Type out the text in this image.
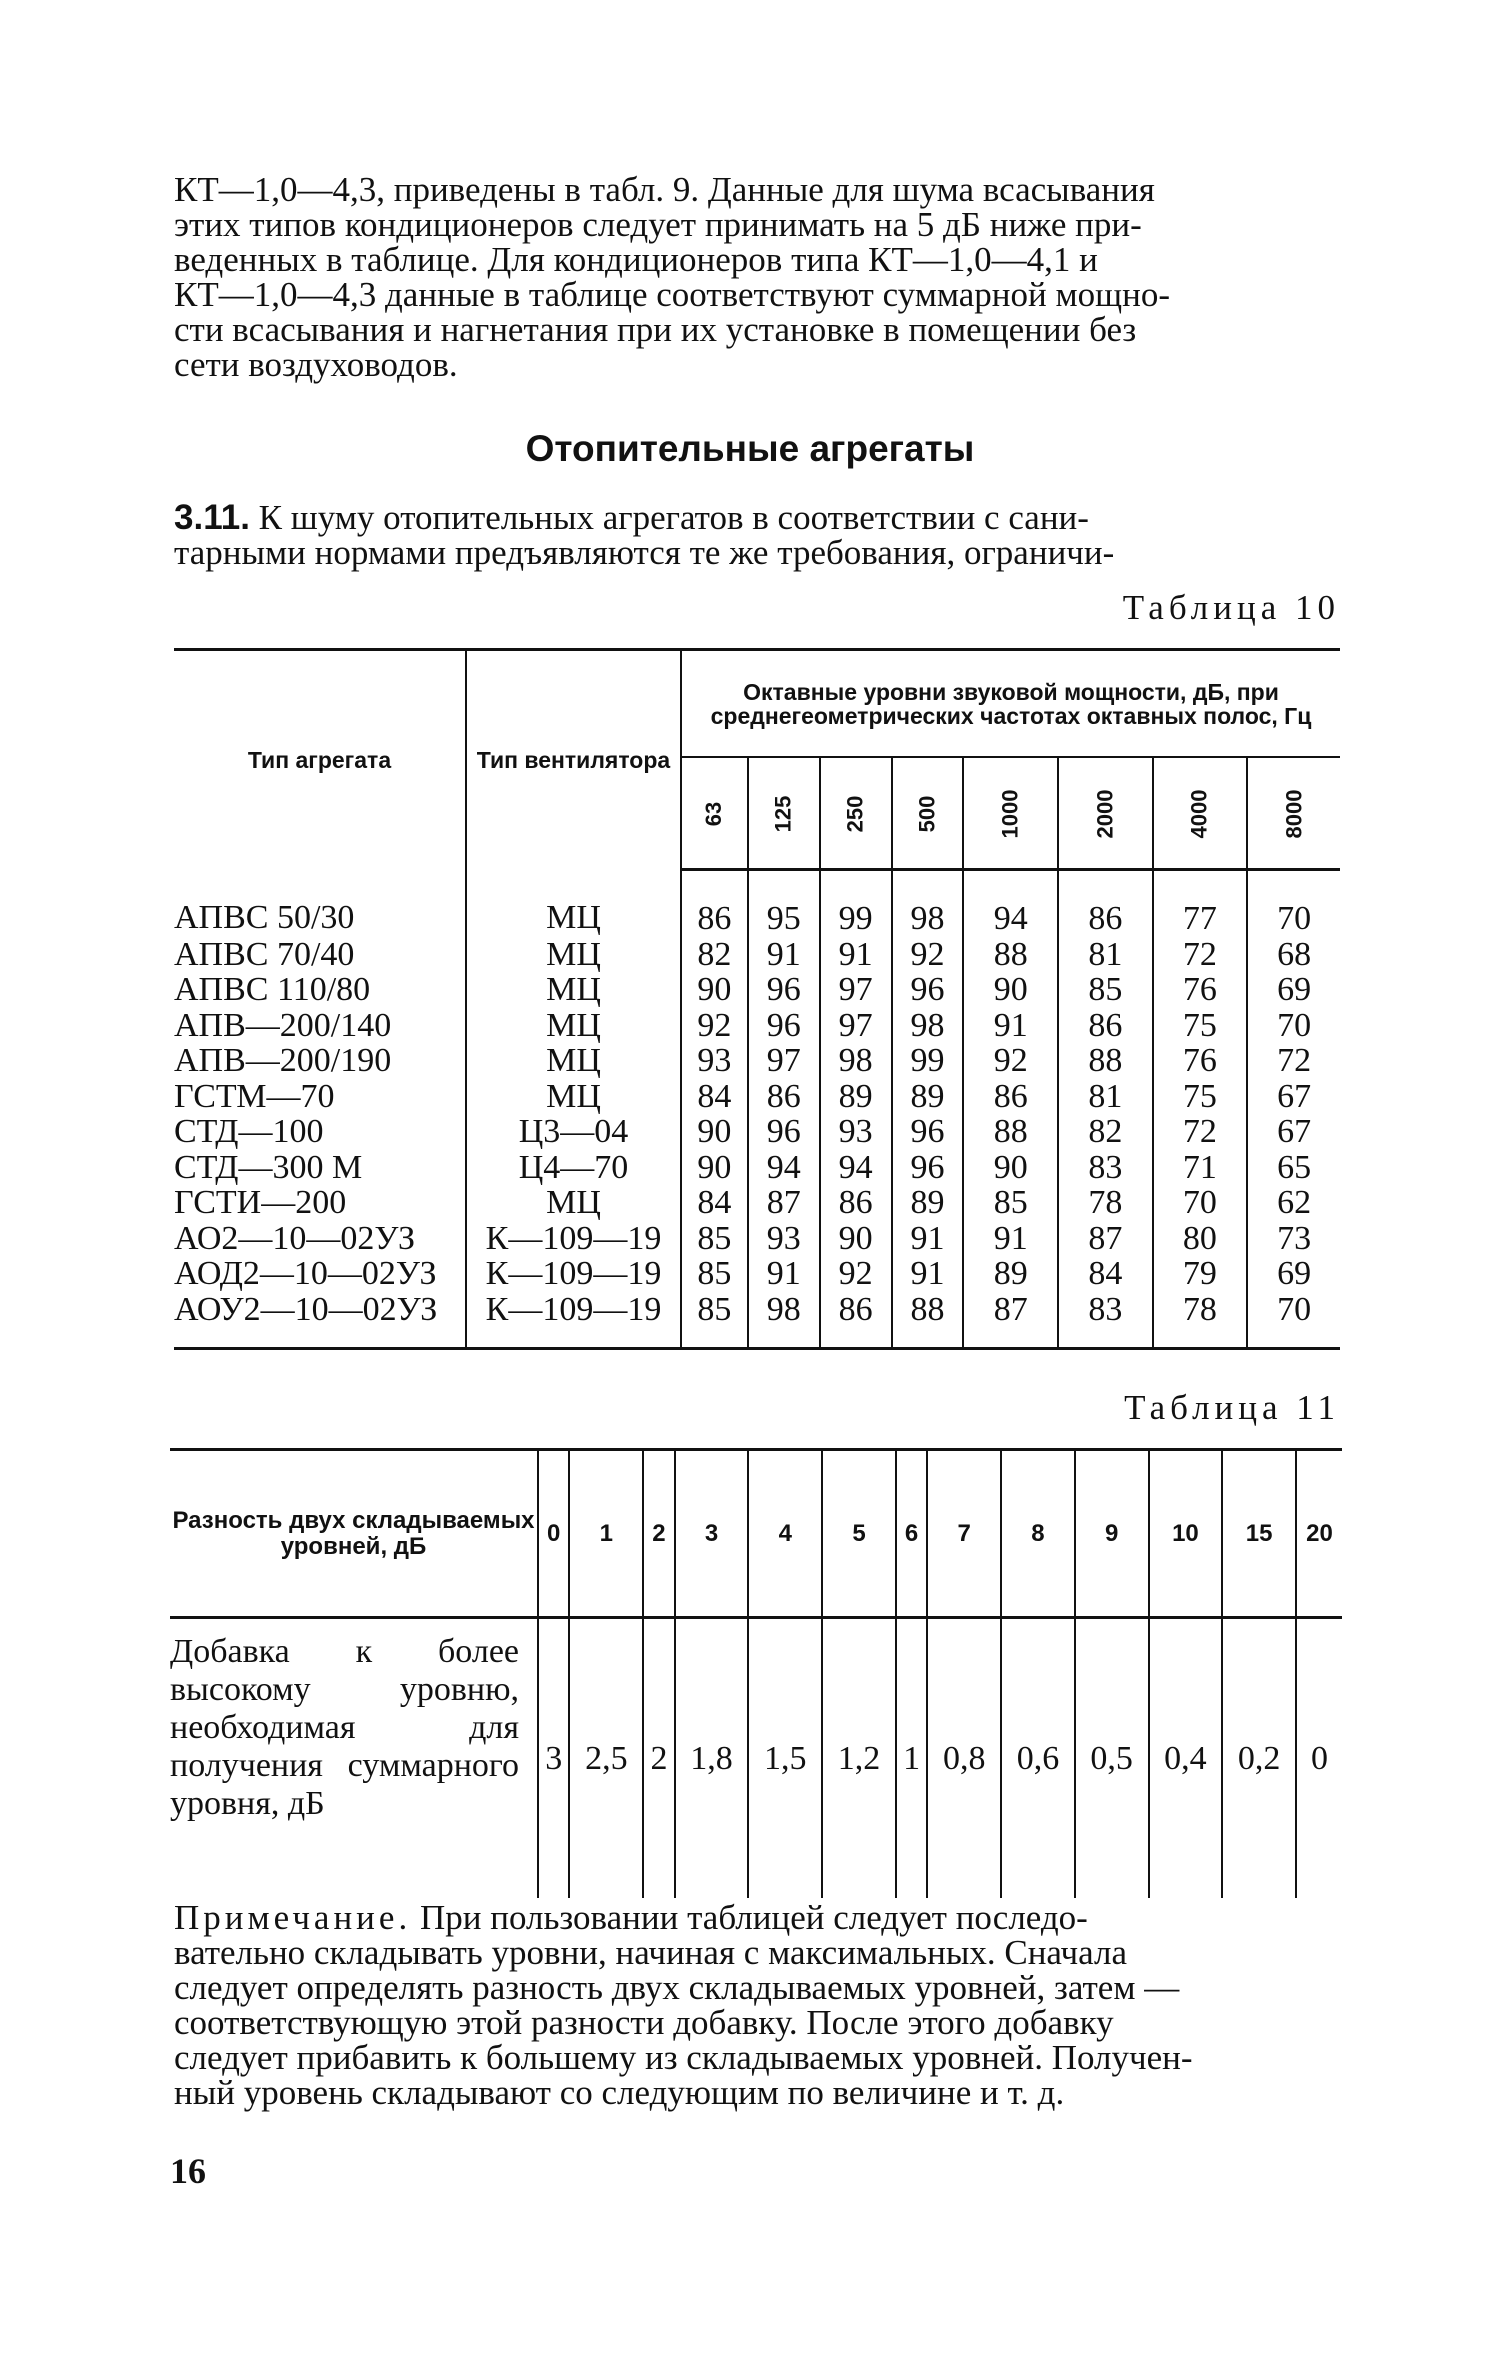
КТ—1,0—4,3, приведены в табл. 9. Данные для шума всасывания

этих типов кондиционеров следует принимать на 5 дБ ниже при-

веденных в таблице. Для кондиционеров типа КТ—1,0—4,1 и

КТ—1,0—4,3 данные в таблице соответствуют суммарной мощно-

сти всасывания и нагнетания при их установке в помещении без

сети воздуховодов.

Отопительные агрегаты

3.11. К шуму отопительных агрегатов в соответствии с сани-

тарными нормами предъявляются те же требования, ограничи-

Таблица 10
Тип агрегата	Тип вентилятора	Октавные уровни звуковой мощности, дБ, при среднегеометрических частотах октавных полос, Гц							
		63	125	250	500	1000	2000	4000	8000
АПВС 50/30	МЦ	86	95	99	98	94	86	77	70
АПВС 70/40	МЦ	82	91	91	92	88	81	72	68
АПВС 110/80	МЦ	90	96	97	96	90	85	76	69
АПВ—200/140	МЦ	92	96	97	98	91	86	75	70
АПВ—200/190	МЦ	93	97	98	99	92	88	76	72
ГСТМ—70	МЦ	84	86	89	89	86	81	75	67
СТД—100	Ц3—04	90	96	93	96	88	82	72	67
СТД—300 М	Ц4—70	90	94	94	96	90	83	71	65
ГСТИ—200	МЦ	84	87	86	89	85	78	70	62
АО2—10—02УЗ	К—109—19	85	93	90	91	91	87	80	73
АОД2—10—02УЗ	К—109—19	85	91	92	91	89	84	79	69
АОУ2—10—02УЗ	К—109—19	85	98	86	88	87	83	78	70
Таблица 11
Разность двух складываемых уровней, дБ	0	1	2	3	4	5	6	7	8	9	10	15	20
Добавка к более высокому уровню, необходимая для получения суммарного уровня, дБ	3	2,5	2	1,8	1,5	1,2	1	0,8	0,6	0,5	0,4	0,2	0

Примечание. При пользовании таблицей следует последо-

вательно складывать уровни, начиная с максимальных. Сначала

следует определять разность двух складываемых уровней, затем —

соответствующую этой разности добавку. После этого добавку

следует прибавить к большему из складываемых уровней. Получен-

ный уровень складывают со следующим по величине и т. д.

16
